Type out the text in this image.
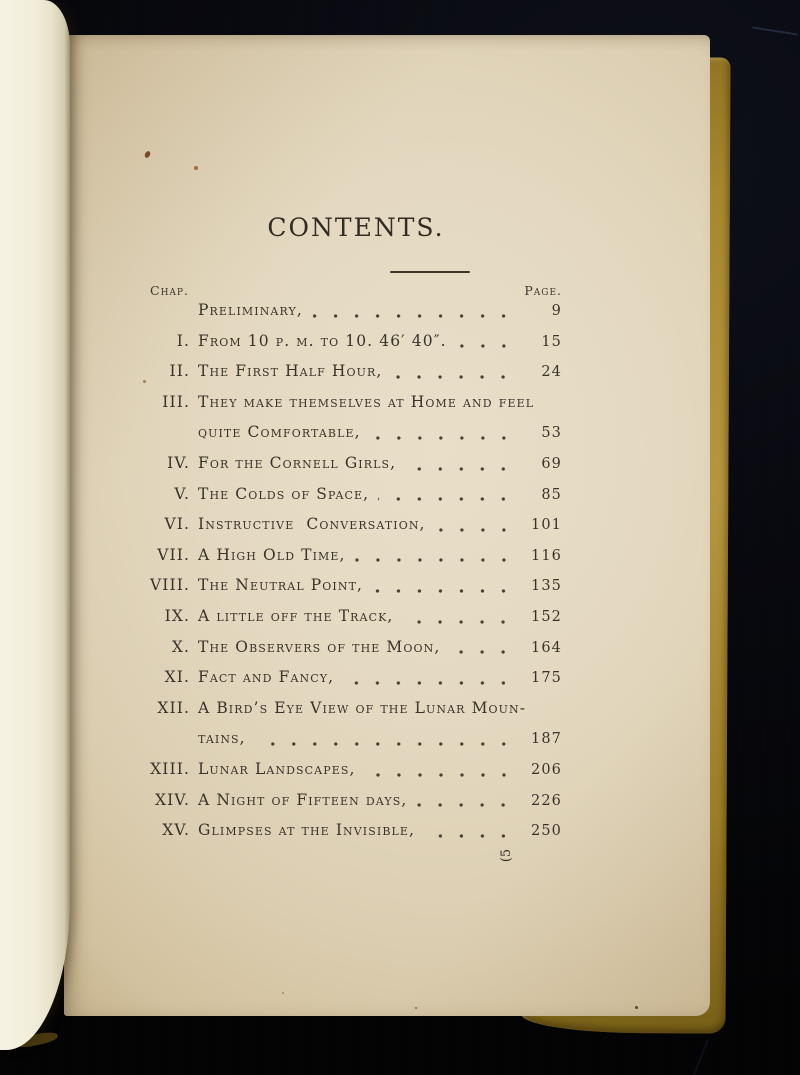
CONTENTS.
Chap.	Page.
Preliminary,	9
I. From 10 p. m. to 10. 46′ 40″.	15
II. The First Half Hour,	24
III. They make themselves at Home and feel
quite Comfortable,	53
IV. For the Cornell Girls,	69
V. The Colds of Space,	85
VI. Instructive  Conversation,	101
VII. A High Old Time,	116
VIII. The Neutral Point,	135
IX. A little off the Track,	152
X. The Observers of the Moon,	164
XI. Fact and Fancy,	175
XII. A Bird’s Eye View of the Lunar Moun-
tains,	187
XIII. Lunar Landscapes,	206
XIV. A Night of Fifteen days,	226
XV. Glimpses at the Invisible,	250
(5
